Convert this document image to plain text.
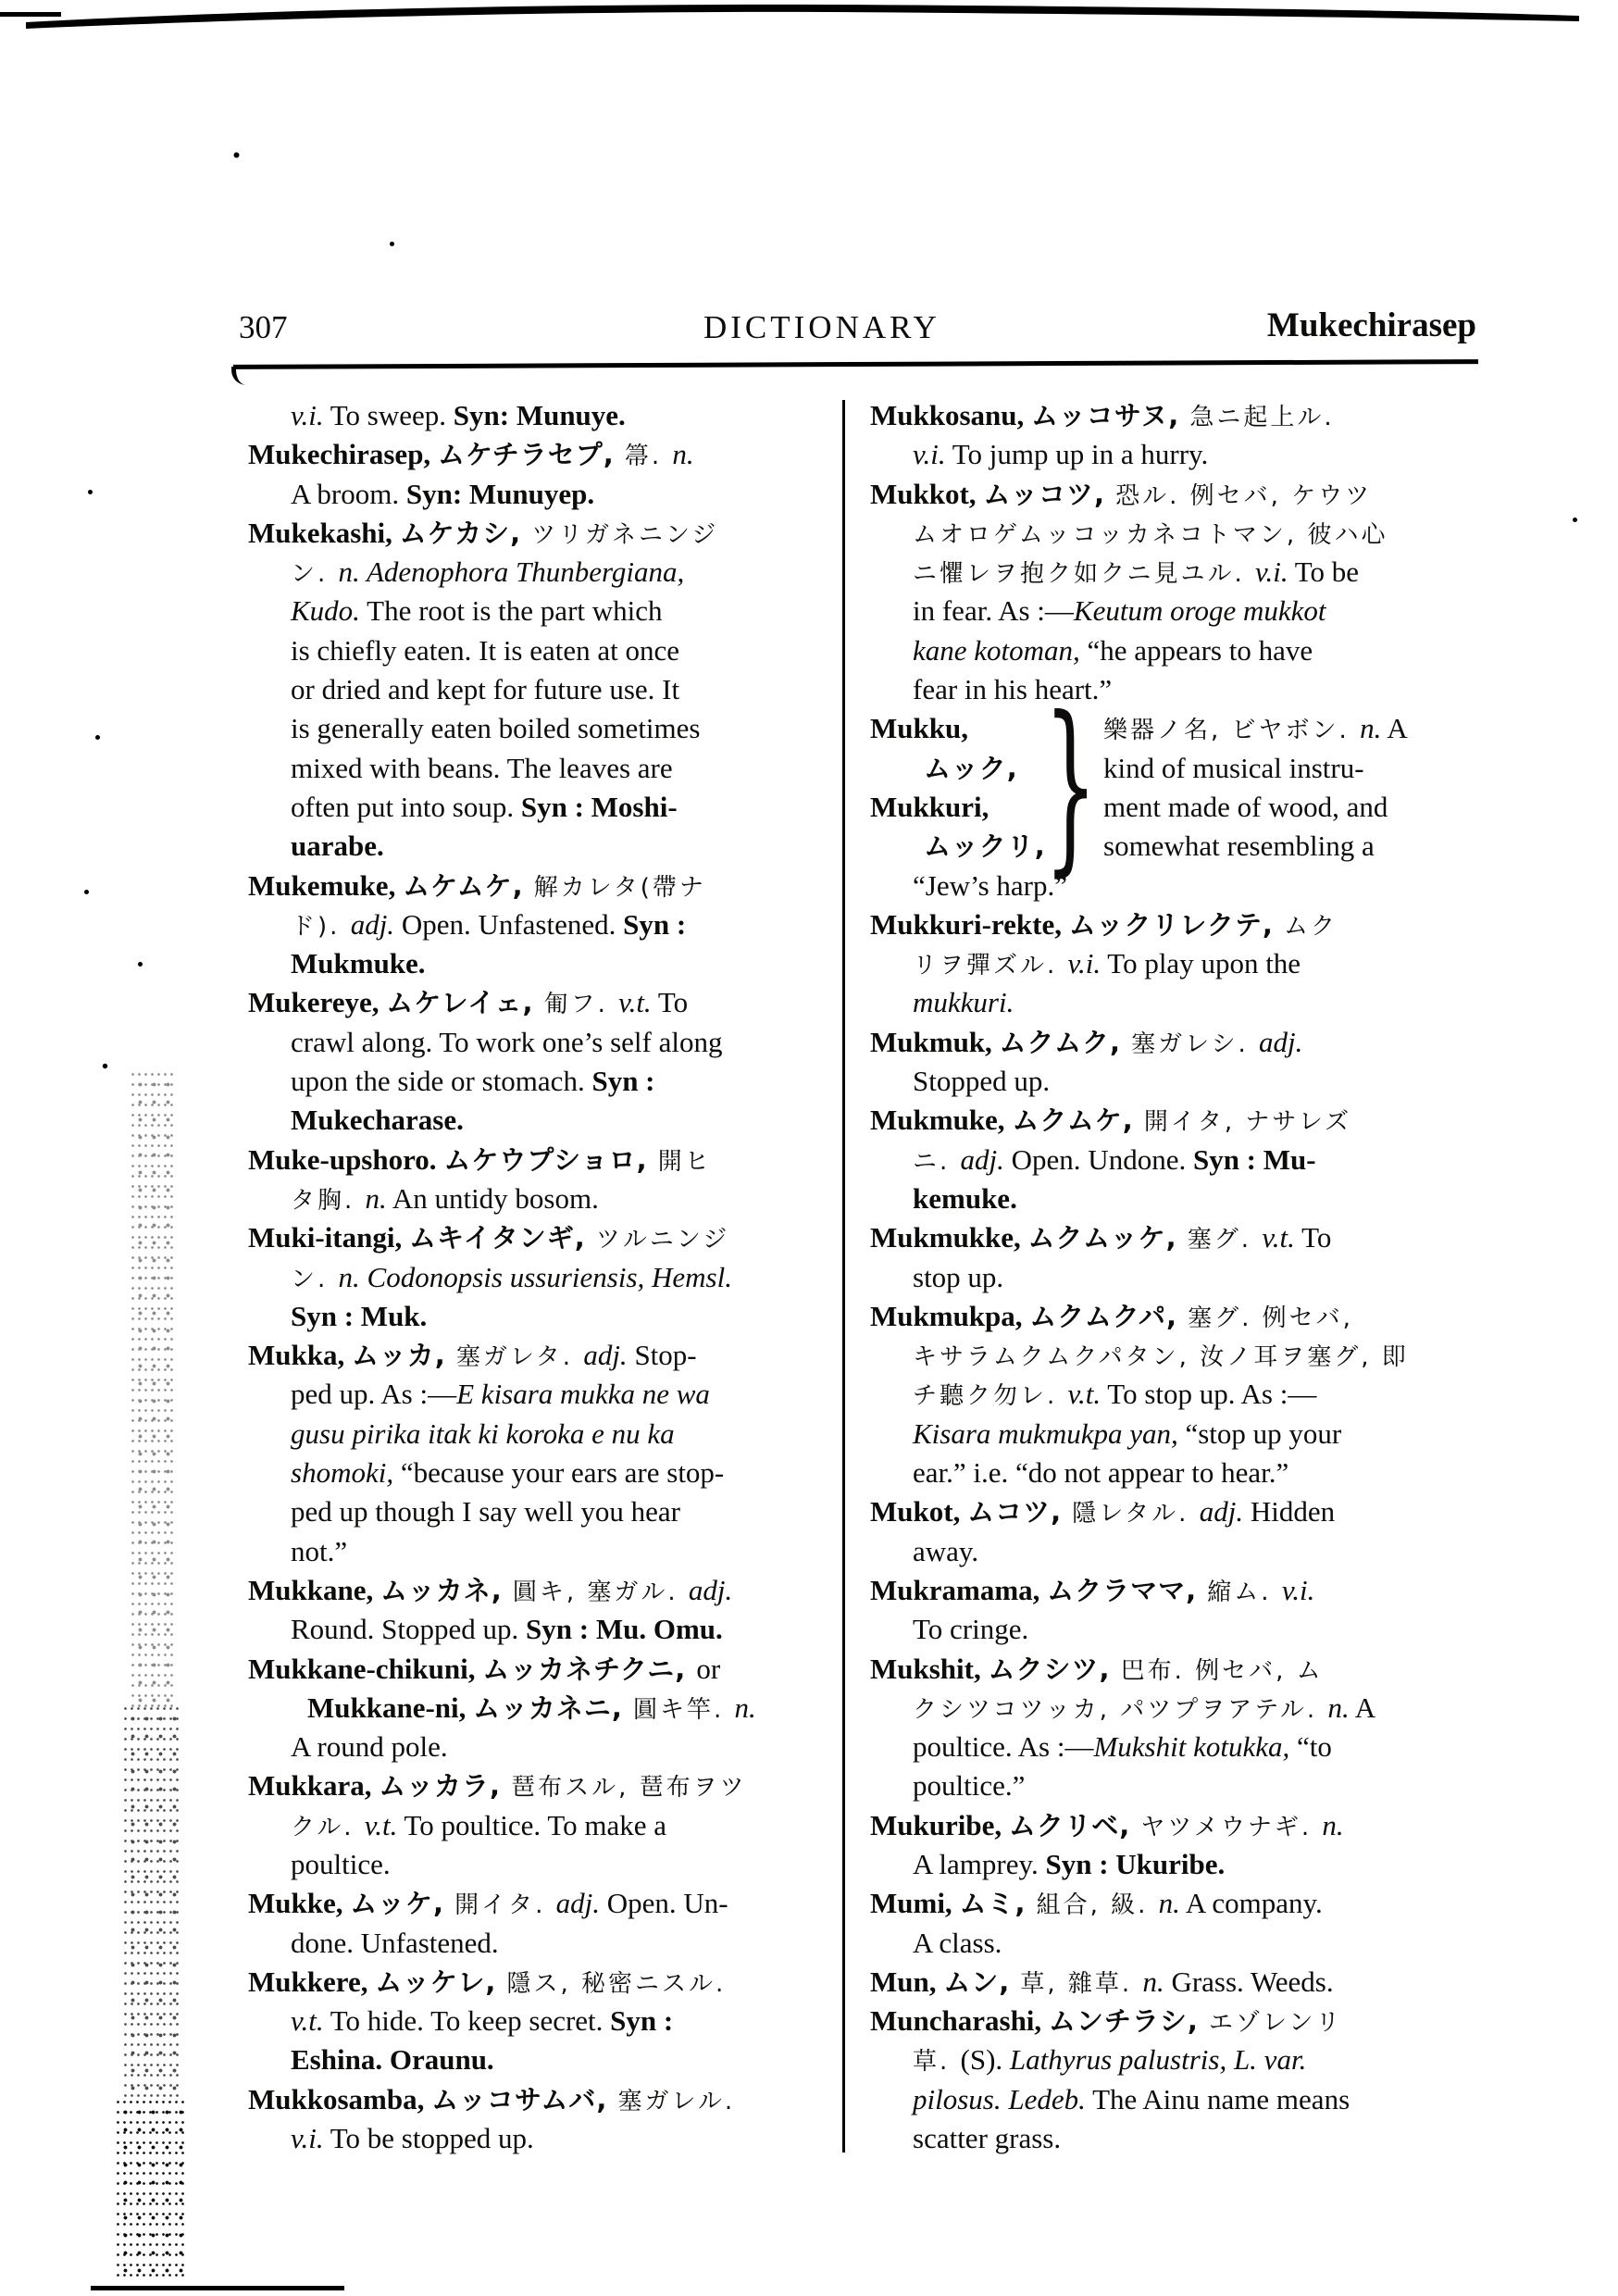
307	DICTIONARY	Mukechirasep
v.i. To sweep. Syn: Munuye.
Mukechirasep, ムケチラセプ, 箒. n.
A broom. Syn: Munuyep.
Mukekashi, ムケカシ, ツリガネニンジ
ン. n. Adenophora Thunbergiana,
Kudo. The root is the part which
is chiefly eaten. It is eaten at once
or dried and kept for future use. It
is generally eaten boiled sometimes
mixed with beans. The leaves are
often put into soup. Syn : Moshi-
uarabe.
Mukemuke, ムケムケ, 解カレタ(帶ナ
ド). adj. Open. Unfastened. Syn :
Mukmuke.
Mukereye, ムケレイェ, 匍フ. v.t. To
crawl along. To work one’s self along
upon the side or stomach. Syn :
Mukecharase.
Muke-upshoro. ムケウプショロ, 開ヒ
タ胸. n. An untidy bosom.
Muki-itangi, ムキイタンギ, ツルニンジ
ン. n. Codonopsis ussuriensis, Hemsl.
Syn : Muk.
Mukka, ムッカ, 塞ガレタ. adj. Stop-
ped up. As :—E kisara mukka ne wa
gusu pirika itak ki koroka e nu ka
shomoki, “because your ears are stop-
ped up though I say well you hear
not.”
Mukkane, ムッカネ, 圓キ, 塞ガル. adj.
Round. Stopped up. Syn : Mu. Omu.
Mukkane-chikuni, ムッカネチクニ, or
Mukkane-ni, ムッカネニ, 圓キ竿. n.
A round pole.
Mukkara, ムッカラ, 琶布スル, 琶布ヲツ
クル. v.t. To poultice. To make a
poultice.
Mukke, ムッケ, 開イタ. adj. Open. Un-
done. Unfastened.
Mukkere, ムッケレ, 隱ス, 秘密ニスル.
v.t. To hide. To keep secret. Syn :
Eshina. Oraunu.
Mukkosamba, ムッコサムバ, 塞ガレル.
v.i. To be stopped up.
}
Mukkosanu, ムッコサヌ, 急ニ起上ル.
v.i. To jump up in a hurry.
Mukkot, ムッコツ, 恐ル. 例セバ, ケウツ
ムオロゲムッコッカネコトマン, 彼ハ心
ニ懼レヲ抱ク如クニ見ユル. v.i. To be
in fear. As :—Keutum oroge mukkot
kane kotoman, “he appears to have
fear in his heart.”
Mukku,	樂器ノ名, ビヤボン. n. A
ムック,	kind of musical instru-
Mukkuri,	ment made of wood, and
ムックリ, somewhat resembling a
“Jew’s harp.”
Mukkuri-rekte, ムックリレクテ, ムク
リヲ彈ズル. v.i. To play upon the
mukkuri.
Mukmuk, ムクムク, 塞ガレシ. adj.
Stopped up.
Mukmuke, ムクムケ, 開イタ, ナサレズ
ニ. adj. Open. Undone. Syn : Mu-
kemuke.
Mukmukke, ムクムッケ, 塞グ. v.t. To
stop up.
Mukmukpa, ムクムクパ, 塞グ. 例セバ,
キサラムクムクパタン, 汝ノ耳ヲ塞グ, 即
チ聽ク勿レ. v.t. To stop up. As :—
Kisara mukmukpa yan, “stop up your
ear.” i.e. “do not appear to hear.”
Mukot, ムコツ, 隱レタル. adj. Hidden
away.
Mukramama, ムクラママ, 縮ム. v.i.
To cringe.
Mukshit, ムクシツ, 巴布. 例セバ, ム
クシツコツッカ, パツプヲアテル. n. A
poultice. As :—Mukshit kotukka, “to
poultice.”
Mukuribe, ムクリベ, ヤツメウナギ. n.
A lamprey. Syn : Ukuribe.
Mumi, ムミ, 組合, 級. n. A company.
A class.
Mun, ムン, 草, 雜草. n. Grass. Weeds.
Muncharashi, ムンチラシ, エゾレンリ
草. (S). Lathyrus palustris, L. var.
pilosus. Ledeb. The Ainu name means
scatter grass.
